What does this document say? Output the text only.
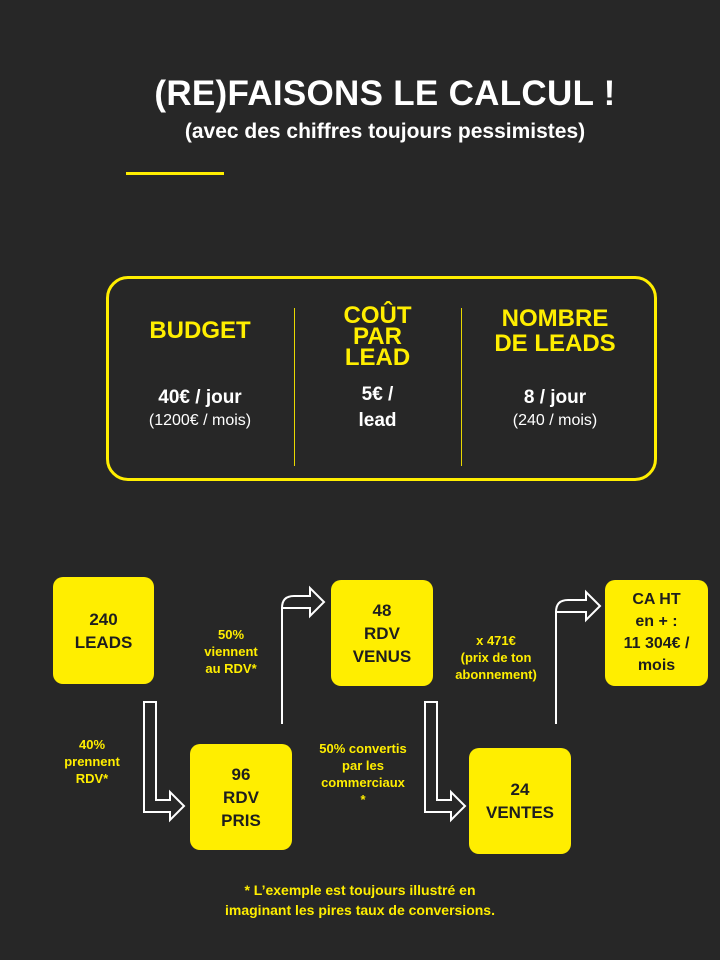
(RE)FAISONS LE CALCUL !
(avec des chiffres toujours pessimistes)
BUDGET
40€ / jour
(1200€ / mois)
COÛT
PAR
LEAD
5€ /
lead
NOMBRE
DE LEADS
8 / jour
(240 / mois)
240
LEADS
96
RDV
PRIS
48
RDV
VENUS
24
VENTES
CA HT
en + :
11 304€ /
mois
40%
prennent
RDV*
50%
viennent
au RDV*
50% convertis
par les
commerciaux
*
x 471€
(prix de ton
abonnement)
* L’exemple est toujours illustré en
imaginant les pires taux de conversions.
